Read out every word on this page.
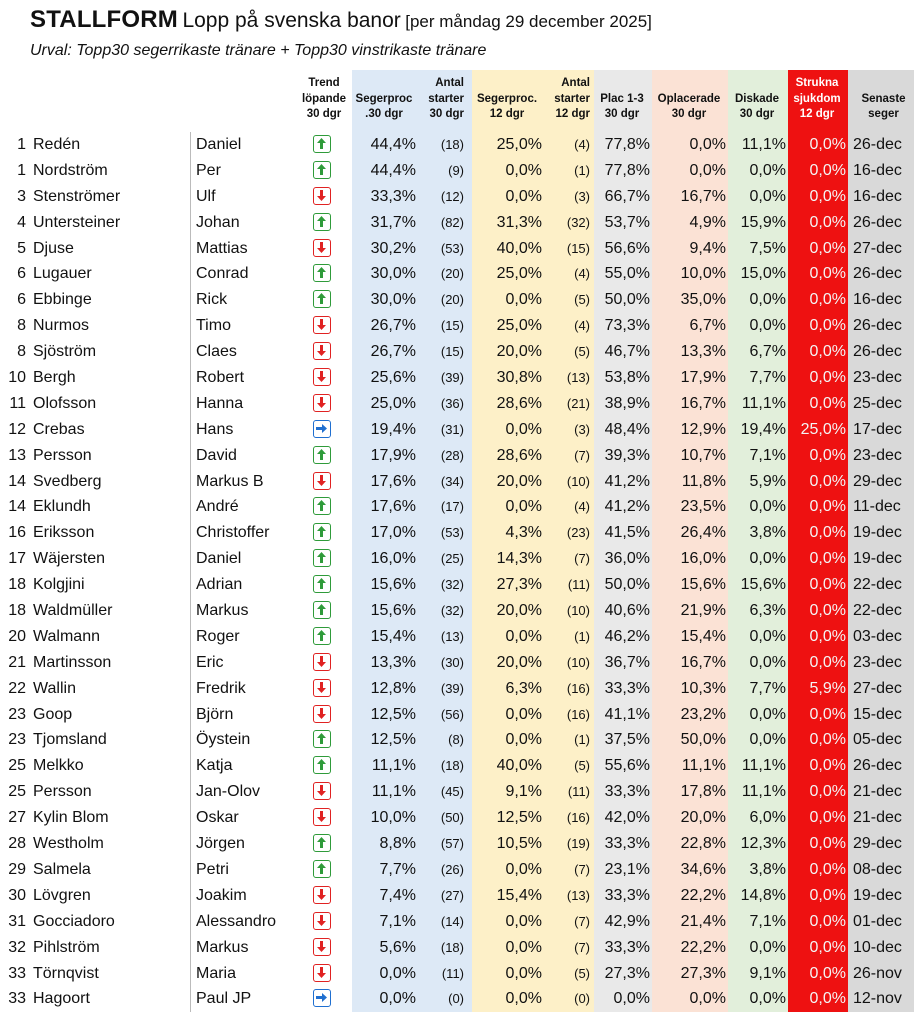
STALLFORM Lopp på svenska banor [per måndag 29 december 2025]
Urval: Topp30 segerrikaste tränare + Topp30 vinstrikaste tränare
Trend
löpande
30 dgr

Segerproc
.30 dgr
Antal
starter
30 dgr

Segerproc.
12 dgr
Antal
starter
12 dgr

Plac 1-3
30 dgr

Oplacerade
30 dgr

Diskade
30 dgr
Strukna
sjukdom
12 dgr

Senaste
seger
1 Redén	Daniel	44,4%	(18)	25,0%	(4) 77,8%	0,0% 11,1%	0,0% 26-dec
1 Nordström	Per	44,4%	(9)	0,0%	(1) 77,8%	0,0%	0,0%	0,0% 16-dec
3 Stenströmer	Ulf	33,3%	(12)	0,0%	(3) 66,7%	16,7%	0,0%	0,0% 16-dec
4 Untersteiner	Johan	31,7%	(82)	31,3%	(32) 53,7%	4,9% 15,9%	0,0% 26-dec
5 Djuse	Mattias	30,2%	(53)	40,0%	(15) 56,6%	9,4%	7,5%	0,0% 27-dec
6 Lugauer	Conrad	30,0%	(20)	25,0%	(4) 55,0%	10,0% 15,0%	0,0% 26-dec
6 Ebbinge	Rick	30,0%	(20)	0,0%	(5) 50,0%	35,0%	0,0%	0,0% 16-dec
8 Nurmos	Timo	26,7%	(15)	25,0%	(4) 73,3%	6,7%	0,0%	0,0% 26-dec
8 Sjöström	Claes	26,7%	(15)	20,0%	(5) 46,7%	13,3%	6,7%	0,0% 26-dec
10 Bergh	Robert	25,6%	(39)	30,8%	(13) 53,8%	17,9%	7,7%	0,0% 23-dec
11 Olofsson	Hanna	25,0%	(36)	28,6%	(21) 38,9%	16,7% 11,1%	0,0% 25-dec
12 Crebas	Hans	19,4%	(31)	0,0%	(3) 48,4%	12,9% 19,4% 25,0% 17-dec
13 Persson	David	17,9%	(28)	28,6%	(7) 39,3%	10,7%	7,1%	0,0% 23-dec
14 Svedberg	Markus B	17,6%	(34)	20,0%	(10) 41,2%	11,8%	5,9%	0,0% 29-dec
14 Eklundh	André	17,6%	(17)	0,0%	(4) 41,2%	23,5%	0,0%	0,0% 11-dec
16 Eriksson	Christoffer	17,0%	(53)	4,3%	(23) 41,5%	26,4%	3,8%	0,0% 19-dec
17 Wäjersten	Daniel	16,0%	(25)	14,3%	(7) 36,0%	16,0%	0,0%	0,0% 19-dec
18 Kolgjini	Adrian	15,6%	(32)	27,3%	(11) 50,0%	15,6% 15,6%	0,0% 22-dec
18 Waldmüller	Markus	15,6%	(32)	20,0%	(10) 40,6%	21,9%	6,3%	0,0% 22-dec
20 Walmann	Roger	15,4%	(13)	0,0%	(1) 46,2%	15,4%	0,0%	0,0% 03-dec
21 Martinsson	Eric	13,3%	(30)	20,0%	(10) 36,7%	16,7%	0,0%	0,0% 23-dec
22 Wallin	Fredrik	12,8%	(39)	6,3%	(16) 33,3%	10,3%	7,7%	5,9% 27-dec
23 Goop	Björn	12,5%	(56)	0,0%	(16) 41,1%	23,2%	0,0%	0,0% 15-dec
23 Tjomsland	Öystein	12,5%	(8)	0,0%	(1) 37,5%	50,0%	0,0%	0,0% 05-dec
25 Melkko	Katja	11,1%	(18)	40,0%	(5) 55,6%	11,1% 11,1%	0,0% 26-dec
25 Persson	Jan-Olov	11,1%	(45)	9,1%	(11) 33,3%	17,8% 11,1%	0,0% 21-dec
27 Kylin Blom	Oskar	10,0%	(50)	12,5%	(16) 42,0%	20,0%	6,0%	0,0% 21-dec
28 Westholm	Jörgen	8,8%	(57)	10,5%	(19) 33,3%	22,8% 12,3%	0,0% 29-dec
29 Salmela	Petri	7,7%	(26)	0,0%	(7) 23,1%	34,6%	3,8%	0,0% 08-dec
30 Lövgren	Joakim	7,4%	(27)	15,4%	(13) 33,3%	22,2% 14,8%	0,0% 19-dec
31 Gocciadoro	Alessandro	7,1%	(14)	0,0%	(7) 42,9%	21,4%	7,1%	0,0% 01-dec
32 Pihlström	Markus	5,6%	(18)	0,0%	(7) 33,3%	22,2%	0,0%	0,0% 10-dec
33 Törnqvist	Maria	0,0%	(11)	0,0%	(5) 27,3%	27,3%	9,1%	0,0% 26-nov
33 Hagoort	Paul JP	0,0%	(0)	0,0%	(0)	0,0%	0,0%	0,0%	0,0% 12-nov
